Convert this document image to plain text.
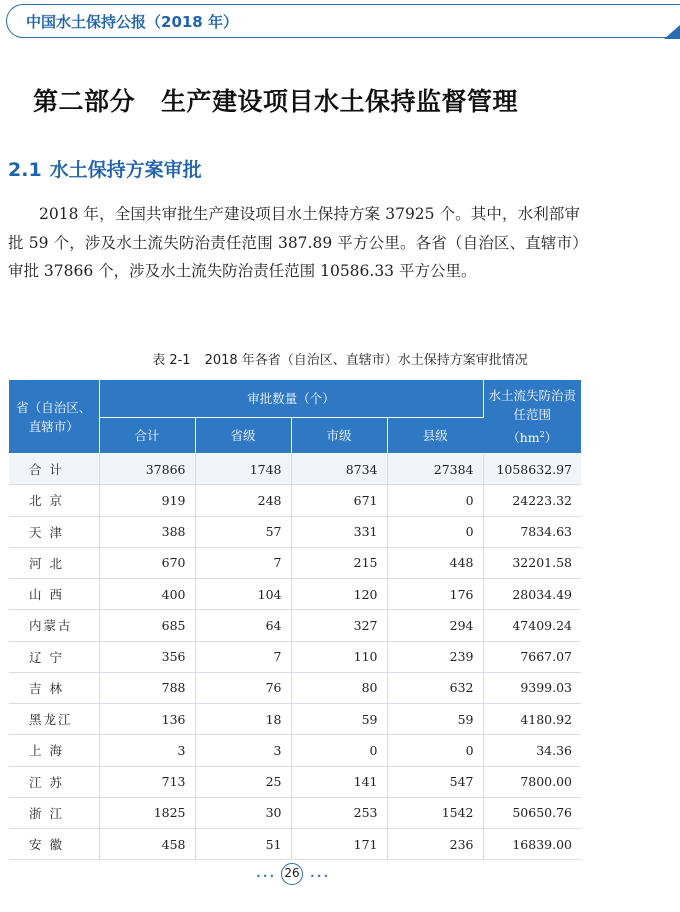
中国水土保持公报（2018 年）
第二部分 生产建设项目水土保持监督管理
2.1 水土保持方案审批

2018 年，全国共审批生产建设项目水土保持方案 37925 个。其中，水利部审批 59 个，涉及水土流失防治责任范围 387.89 平方公里。各省（自治区、直辖市）审批 37866 个，涉及水土流失防治责任范围 10586.33 平方公里。

表 2-1 2018 年各省（自治区、直辖市）水土保持方案审批情况
省（自治区、直辖市）	审批数量（个）				水土流失防治责任范围
$(hm^2)$
	合计	省级	市级	县级	
合 计	37866	1748	8734	27384	1058632.97
北 京	919	248	671	0	24223.32
天 津	388	57	331	0	7834.63
河 北	670	7	215	448	32201.58
山 西	400	104	120	176	28034.49
内蒙古	685	64	327	294	47409.24
辽 宁	356	7	110	239	7667.07
吉 林	788	76	80	632	9399.03
黑龙江	136	18	59	59	4180.92
上 海	3	3	0	0	34.36
江 苏	713	25	141	547	7800.00
浙 江	1825	30	253	1542	50650.76
安 徽	458	51	171	236	16839.00
••• 26	•••
